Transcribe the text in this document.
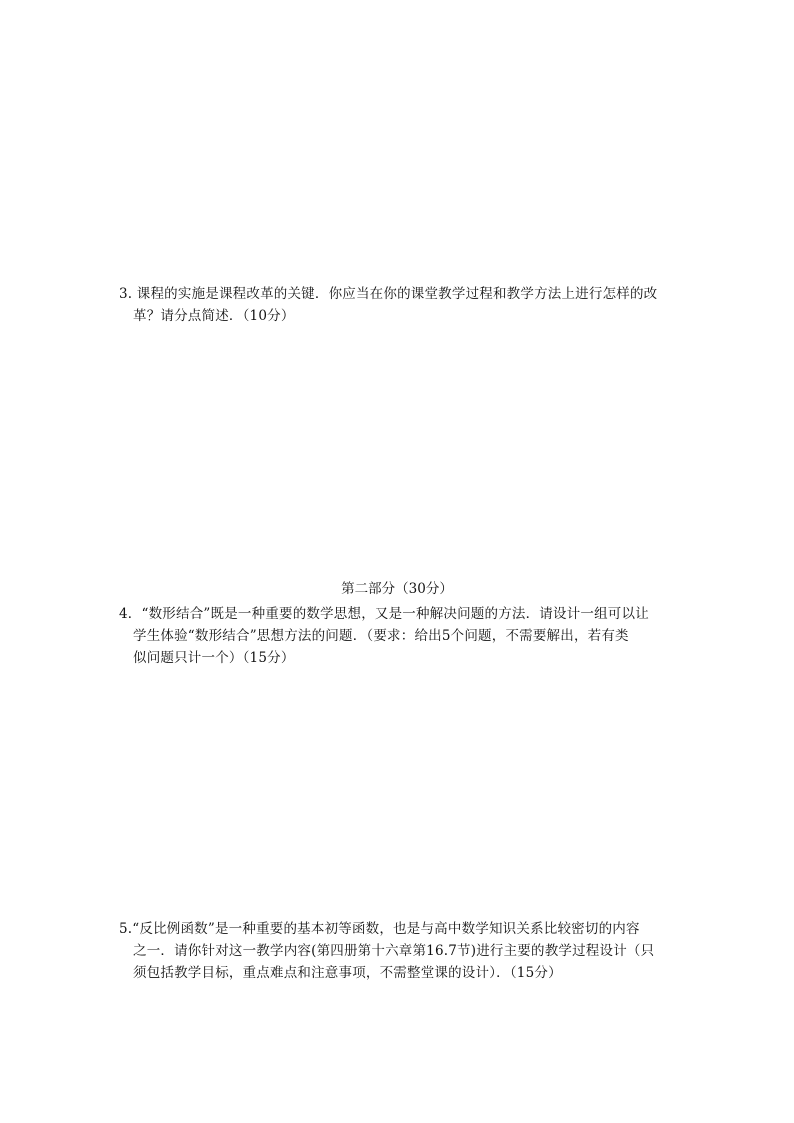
3. 课程的实施是课程改革的关键．你应当在你的课堂教学过程和教学方法上进行怎样的改
革？请分点简述．（10分）
第二部分（30分）
4．“数形结合”既是一种重要的数学思想，又是一种解决问题的方法．请设计一组可以让
学生体验“数形结合”思想方法的问题．（要求：给出5个问题，不需要解出，若有类
似问题只计一个）（15分）
5.“反比例函数”是一种重要的基本初等函数，也是与高中数学知识关系比较密切的内容
之一．请你针对这一教学内容(第四册第十六章第16.7节)进行主要的教学过程设计（只
须包括教学目标，重点难点和注意事项，不需整堂课的设计）．（15分）
